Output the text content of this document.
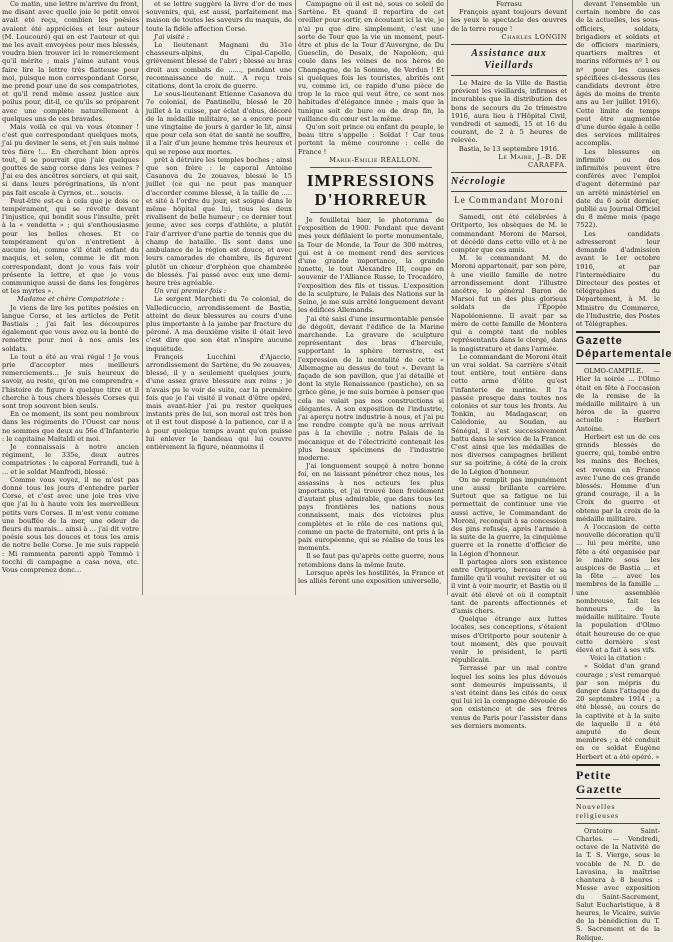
Ce matin, une lettre m'arrive du front, me disant avec quelle joie le petit envoi avait été reçu, combien les poésies avaient été appréciées et leur auteur (M. Loucouré) qui en est l'auteur et qui me les avait envoyées pour mes blessés, voudra bien trouver ici le remerciement qu'il mérite ; mais j'aime autant vous faire lire la lettre très flatteuse pour moi, puisque mon correspondant Corse, me prend pour une de ses compatriotes, et qu'il rend même assez justice aux poilus pour, dit-il, ce qu'ils se préparent avec une complète naturellement à quelques uns de ces bravades.

Mais voilà ce qui va vous étonner ! c'est que correspondant quelques mots, j'ai pu deviner le sens, et j'en suis même très fière !... En cherchant bien après tout, il se pourrait que j'aie quelques gouttes de sang corse dans les veines ? J'ai eu des ancêtres sorciers, et qui sait, si dans leurs pérégrinations, ils n'ont pas fait escale à Cyrnos, et... soucis.

Peut-être est-ce à cela que je dois ce tempérament, qui se révolte devant l'injustice, qui bondit sous l'insulte, prêt à la « vendetta » ; qui s'enthousiasme pour les belles choses. Et ce tempérament qu'on n'entretient à aucune loi, comme s'il était enfant du maquis, et selon, comme le dit mon correspondant, dont je vous fais voir présente la lettre, et que je vous communique aussi de dans les fougères et les myrtes ».

Madame et chère Compatriote :

Je viens de lire les petites poésies en langue Corse, et les articles de Petit Bastiais ; j'ai fait les découpures également que vous avez eu la bonté de remettre pour moi à nos amis les soldats.

Le tout a été au vrai régal ! Je vous prie d'accepter mes meilleurs remerciements... Je suis heureux de savoir, au reste, qu'on me comprendra « l'histoire de figure à quelque titre et il cherche à tous chers blessés Corses qui sont trop souvent bien seuls.

En ce moment, ils sont peu nombreux dans les régiments de l'Ouest car nous ne sommes que deux au 56e d'Infanterie : le capitaine Maltaldi et moi.

Je connaissais à notre ancien régiment, le 335e, deux autres compatriotes : le caporal Ferrandi, tué à ... et le soldat Manfrodi, blessé.

Comme vous voyez, il ne m'est pas donné tous les jours d'entendre parler Corse, et c'est avec une joie très vive que j'ai lu à haute voix les merveilleux petits vers Corses. Il m'est venu comme une bouffée de la mer, une odeur de fleurs du marais... ainsi à ... j'ai dit votre poésie sous les douces et tous les amis de notre belle Corse. Je me suis rappelé : Mi rammenta parenti appò Tommò i tocchi di campagne a casa nova, etc. Vous comprenez donc...

et se lettre suggère la livre d'or de mes souvenirs, qui, est aussi, parfaitement ma maison de toutes les saveurs du maquis, de toute la fidèle affection Corse.

J'ai visité :

Le lieutenant Magnani du 31e chasseurs-alpins, du Cipal-Capelle, grièvement blessé de l'abri ; blessé au bras droit aux combats de ......, pendant une reconnaissance de nuit. A reçu trois citations, dont la croix de guerre.

Le sous-lieutenant Etienne Casanova du 7e colonial, de Pantinellu, blessé le 20 juillet à la cuisse, par éclat d'obus, décoré de la médaille militaire, se a encore pour une vingtaine de jours à garder le lit, ainsi que pour cela son état de santé ne souffre, il a l'air d'un jeune homme très heureux et qui se repose aux mortes.

prêt à détruire les temples boches ; ainsi que son frère : le caporal Antoine Casanova du 2e zouaves, blessé le 15 juillet (ce qui ne peut pas manquer d'accorder comme blessé, à la taille de ..... et sité à l'ordre du jour, est soigné dans le même hôpital que lui, tous les deux rivalisent de belle humeur ; ce dernier tout jeune, avec ses corps d'athlète, a plutôt l'air d'arriver d'une partie de tennis que du champ de bataille. Ils sont dans une ambulance de la région est douce, et avec leurs camarades de chambre, ils figurent plutôt un chœur d'orphéon que chambrée de blessés. J'ai passé avec eux une demi-heure très agréable.

Un vrai premier-fois :

Le sergent Marcheti du 7e colonial, de Valledicuccio, arrondissement de Bastia, atteint de deux blessures au cours d'une plus importante à la jambe par fracture du péroné. A ma deuxième visite il était levé c'est dire que son état n'inspire aucune inquiétude.

François Lucchini d'Ajaccio, arrondissement de Sartène, du 9e zouaves, blessé, il y a seulement quelques jours, d'une assez grave blessure aux reins ; je n'avais pu le voir de suite, car la première fois que je l'ai visité il venait d'être opéré, mais avant-hier j'ai pu rester quelques instants près de lui, son moral est très bon et il est tout disposé à la patience, car il a à pour quelque temps avant qu'on puisse lui enlever le bandeau qui lui couvre entièrement la figure, néanmoins il

Campagne où il est né, sous ce soleil de Sartène. Et quand il repartira de cet oreiller pour sortir, en écoutant ici la vie, je n'ai pu que dire simplement, c'est une sorte de Tour que la vie un moment, peut-être et plus de la Tour d'Auvergne, de Du Guesclin, de Desaix, de Napoléon, qui coule dans les veines de nos héros de Champagne, de la Somme, de Verdun ! Et si quelques fois les touristes, abrités ont vu, comme ici, ce rapide d'une pièce de trop le la race qui veut être, ce sont nos habitudes d'élégance innée ; mais que la tunique soit de bure ou de drap fin, la vaillance du cœur est la même.

Qu'on soit prince ou enfant du peuple, le beau titre s'appelle : Soldat ! Car tous portent la même couronne : celle de France !

Marie-Emilie RÉALLON.

IMPRESSIONS D'HORREUR

Je feuilletai hier, le photorama de l'exposition de 1900. Pendant que devant mes yeux défilaient le porte monumentale, la Tour de Monde, la Tour de 300 mètres, qui est à ce moment rend des services d'une grande importance, la grande lunette, le tout Alexandre III, coupe en souvenir de l'Alliance Russe, le Trocadéro, l'exposition des fils et tissus. L'exposition de la sculpture, le Palais des Nations sur la Seine, je me suis arrêté longuement devant les édifices Allemands.

J'ai été saisi d'une insurmontable pensée de dégoût, devant l'édifice de la Marine marchande. La gravure de sculpture représentant des bras d'hercule, supportant la sphère terrestre, est l'expression de la mentalité de cette « Allemagne au dessus de tout ». Devant la façade de son pavillon, que j'ai détaillé et dont la style Renaissance (pastiche), en sa grâce gêne, je me suis bornée à penser que cela ne valait pas nos constructions si élégantes. A son exposition de l'industrie, j'ai aperçu notre industrie à nous, et j'ai pu me rendre compte qu'à ne nous arrivait pas à la cheville ; notre Palais de la mécanique et de l'électricité contenait les plus beaux spécimens de l'industrie moderne.

J'ai longuement soupçé à notre bonne foi, en ne laissant pénétrer chez nous, les assassins à nos acteurs les plus importants, et j'ai trouvé bien froidement d'autant plus admirable, que dans tous les pays frontières les nations nous connaissent, mais des victoires plus complètes et le rôle de ces nations qui, comme un pacte de fraternité, ont pris à la paix européenne, qui se réalise de tous les moments.

Il se faut pas qu'après cette guerre, nous retombions dans la même faute.

Lorsque après les hostilités, la France et les alliés feront une exposition universelle,

Ferrasu

François ayant toujours devant les yeux le spectacle des œuvres de la terre rouge !

Charles LONGIN

Assistance aux Vieillards

Le Maire de la Ville de Bastia prévient les vieillards, infirmes et incurables que la distribution des bons de secours du 2e trimestre 1916, aura lieu à l'Hôpital Civil, vendredi et samedi, 15 et 16 du courant, de 2 à 5 heures de relevée.

Bastia, le 13 septembre 1916.

Le Maire, J.-B. DE CARAFFA.

Nécrologie
Le Commandant Moroni

Samedi, ont été célébrées à Oritporto, les obsèques de M. le commandant Moroni de Marsoi, et décédé dans cette ville et à ne compter que ces amis.

M. le commandant M. de Moroni appartenait, par son père, à une vieille famille de notre arrondissement dont l'illustre ancêtre, le général Baron de Marsoi fut un des plus glorieux soldats de l'Épopée Napoléonienne. Il avait par sa mère de cette famille de Montera qui a compté tant de nobles représentants dans le clergé, dans la magistrature et dans l'armée.

Le commandant de Moroni était un vrai soldat. Sa carrière s'était tout entière, tout entière dans cette arme d'élite qu'est l'infanterie de marine. Il l'a passée presque dans toutes nos colonies et sur tous les fronts. Au Tonkin, au Madagascar, en Calédonie, au Soudan, au Sénégal, il s'est successivement battu dans le service de la France. C'est ainsi que les médailles de nos diverses campagnes brillent sur sa poitrine, à côté de la croix de la Légion d'honneur.

On ne remplit pas impunément une aussi brillante carrière. Surtout que sa fatigue ne lui permettait de continuer une vie aussi active, le Commandant de Moroni, reconquit à sa concession des pins refusés, après l'armée à la suite de la guerre, la cinquième guerre et la ronette d'officier de la Légion d'honneur.

Il partagea alors son existence entre Oritporto, berceau de sa famille qu'il voulut revisiter et où il vint à voir mourir, et Bastia où il avait été élevé et où il comptait tant de parents affectionnés et d'amis chers.

Quelque étrange aux luttes locales, ses conceptions, s'étaient mises d'Oritporto pour soutenir à tout moment, dès que pouvait venir le président, le parti républicain.

Terrassé par un mal contre lequel les soins les plus dévoués sont demeurés impuissants, il s'est éteint dans les cités de ceux qui lui ici la compagne dévouée de son existence et de ses frères venus de Paris pour l'assister dans ses derniers moments.

devant l'ensemble un certain nombre de cas de la actuelles, les sous-officiers, soldats, brigadiers et soldats et de officiers mariniers, quartiers maîtres et marins réformés nº 1 ou nº pour les causes spécifiées ci-dessous (les candidats devront être âgés de moins de trente ans au 1er juillet 1916). Cette limite de temps peut être augmentée d'une durée égale à celle des services militaires accomplis.

Les blessures en infirmité ou des infirmités peuvent être conférés avec l'emploi d'agent déterminé par un arrêté ministériel en date du 6 août dernier, publié au Journal Officiel du 8 même mois (page 7522).

Les candidats adresseront leur demande d'admission avant le 1er octobre 1916, et par l'intermédiaire du Directeur des postes et télégraphes du Département, à M. le Ministre du Commerce, de l'Industrie, des Postes et Télégraphes.

Gazette Départementale

OLMO-CAMPILE. — Hier la soirée ... l'Olmo était en fête à l'occasion de la remise de la médaille militaire à un héros de la guerre actuelle : Herbert Antoine.

Herbert est un de ces grands blessés de guerre, qui, tombé entre les mains des Boches, est revenu en France avec l'une de ces grande blessés. Homme d'un grand courage, il a la Croix de guerre et obtenu par la croix de la médaille militaire.

A l'occasion de cette nouvelle décoration qu'il ... lui peu mérite, une fête a été organisée par le maire sous les auspices de Bastia ... et la fête ... avec les membres de la famille ... une assemblée nombreuse, fait les honneurs ... de la médaille militaire. Toute la population d'Olmo était heureuse de ce que cette dernière s'est élevé et a fait à ses vifs.

Voici la citation :

« Soldat d'un grand courage ; s'est remarqué par son mépris du danger dans l'attaque du 20 septembre 1914 ; a été blessé, au cours de la captivité et à la suite de laquelle il a été amputé de deux membres ; a été conduit en ce soldat Eugène Herbert et a été opéré. »

Petite Gazette
Nouvelles religieuses

Oratoire Saint-Charles. — Vendredi, octave de la Nativité de la T. S. Vierge, sous le vocable de N. D. de Lavasina, la maîtrise chantera à 8 heures : Messe avec exposition du Saint-Sacrement, Salut Eucharistique, à 8 heures, le Vicaire, suivie de la bénédiction du T. S. Sacrement et de la Relique.
